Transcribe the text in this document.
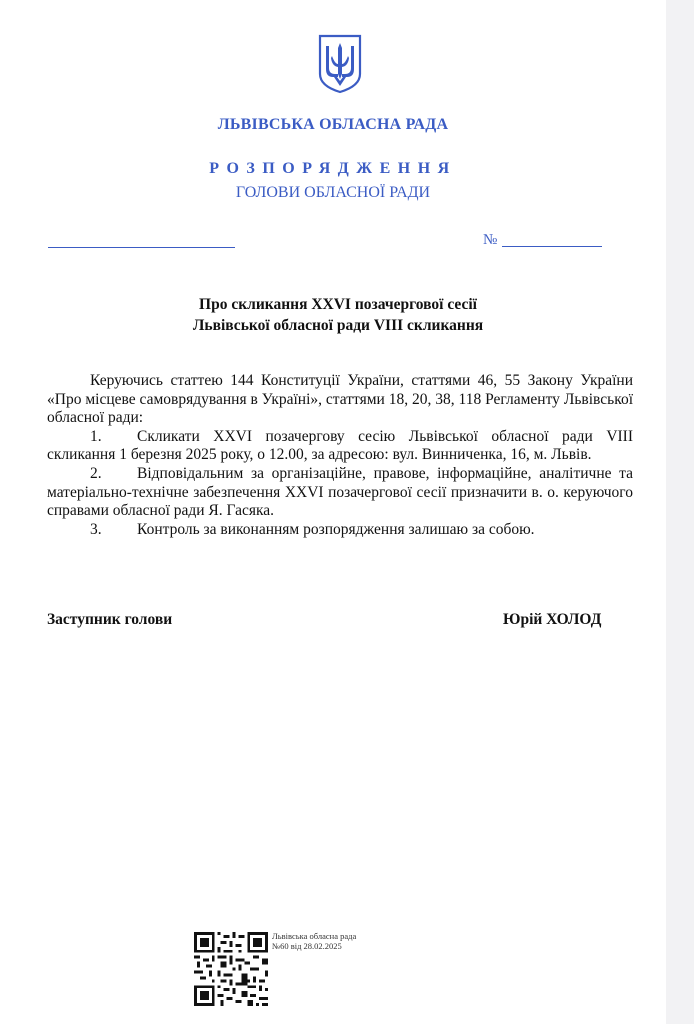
ЛЬВІВСЬКА ОБЛАСНА РАДА
РОЗПОРЯДЖЕННЯ
ГОЛОВИ ОБЛАСНОЇ РАДИ
№
Про скликання XXVI позачергової сесії
Львівської обласної ради VIII скликання

Керуючись статтею 144 Конституції України, статтями 46, 55 Закону України «Про місцеве самоврядування в Україні», статтями 18, 20, 38, 118 Регламенту Львівської обласної ради:

1. Скликати XXVI позачергову сесію Львівської обласної ради VIII скликання 1 березня 2025 року, о 12.00, за адресою: вул. Винниченка, 16, м. Львів.

2. Відповідальним за організаційне, правове, інформаційне, аналітичне та матеріально-технічне забезпечення XXVI позачергової сесії призначити в. о. керуючого справами обласної ради Я. Гасяка.

3. Контроль за виконанням розпорядження залишаю за собою.

Заступник голови	Юрій ХОЛОД
Львівська обласна рада
№60 від 28.02.2025
